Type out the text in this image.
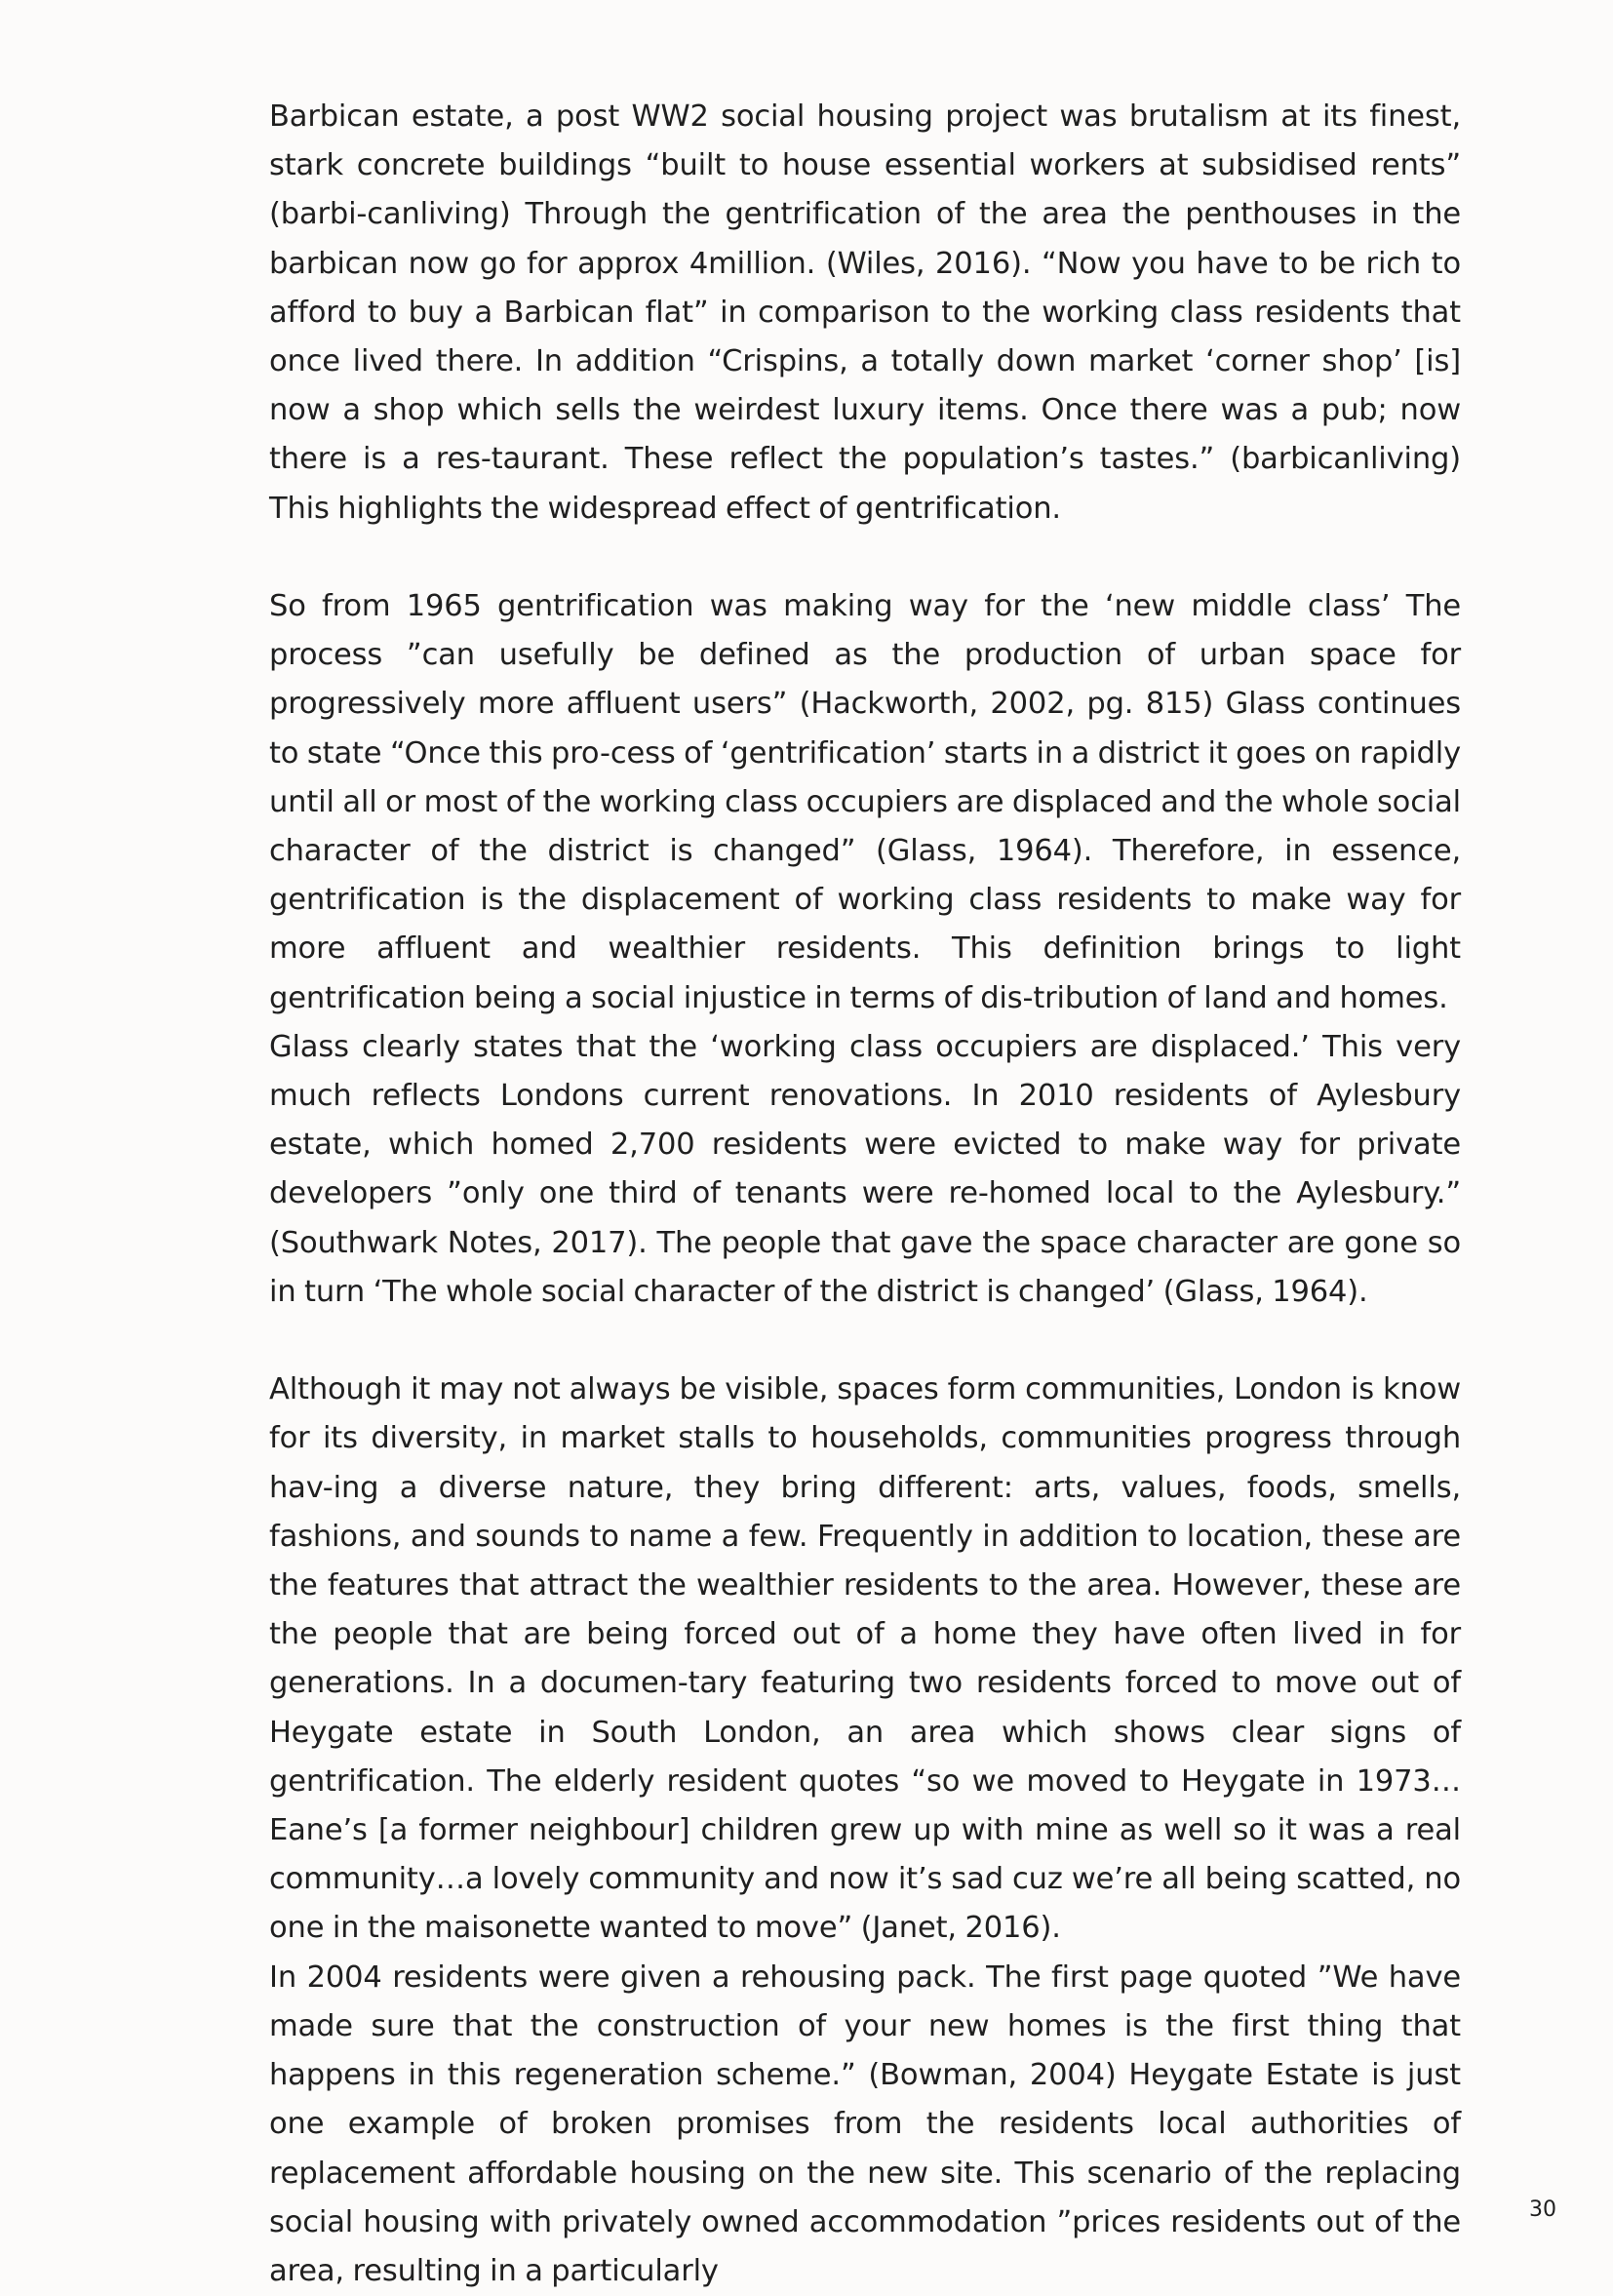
Barbican estate, a post WW2 social housing project was brutalism at its finest, stark concrete buildings “built to house essential workers at subsidised rents” (barbi-canliving) Through the gentrification of the area the penthouses in the barbican now go for approx 4million. (Wiles, 2016). “Now you have to be rich to afford to buy a Barbican flat” in comparison to the working class residents that once lived there. In addition “Crispins, a totally down market ‘corner shop’ [is] now a shop which sells the weirdest luxury items. Once there was a pub; now there is a res-taurant. These reflect the population’s tastes.” (barbicanliving) This highlights the widespread effect of gentrification.

So from 1965 gentrification was making way for the ‘new middle class’ The process ”can usefully be defined as the production of urban space for progressively more affluent users” (Hackworth, 2002, pg. 815) Glass continues to state “Once this pro-cess of ‘gentrification’ starts in a district it goes on rapidly until all or most of the working class occupiers are displaced and the whole social character of the district is changed” (Glass, 1964). Therefore, in essence, gentrification is the displacement of working class residents to make way for more affluent and wealthier residents. This definition brings to light gentrification being a social injustice in terms of dis-tribution of land and homes.

Glass clearly states that the ‘working class occupiers are displaced.’ This very much reflects Londons current renovations. In 2010 residents of Aylesbury estate, which homed 2,700 residents were evicted to make way for private developers ”only one third of tenants were re-homed local to the Aylesbury.” (Southwark Notes, 2017). The people that gave the space character are gone so in turn ‘The whole social character of the district is changed’ (Glass, 1964).

Although it may not always be visible, spaces form communities, London is know for its diversity, in market stalls to households, communities progress through hav-ing a diverse nature, they bring different: arts, values, foods, smells, fashions, and sounds to name a few. Frequently in addition to location, these are the features that attract the wealthier residents to the area. However, these are the people that are being forced out of a home they have often lived in for generations. In a documen-tary featuring two residents forced to move out of Heygate estate in South London, an area which shows clear signs of gentrification. The elderly resident quotes “so we moved to Heygate in 1973… Eane’s [a former neighbour] children grew up with mine as well so it was a real community…a lovely community and now it’s sad cuz we’re all being scatted, no one in the maisonette wanted to move” (Janet, 2016).

In 2004 residents were given a rehousing pack. The first page quoted ”We have made sure that the construction of your new homes is the first thing that happens in this regeneration scheme.” (Bowman, 2004) Heygate Estate is just one example of broken promises from the residents local authorities of replacement affordable housing on the new site. This scenario of the replacing social housing with privately owned accommodation ”prices residents out of the area, resulting in a particularly

30
